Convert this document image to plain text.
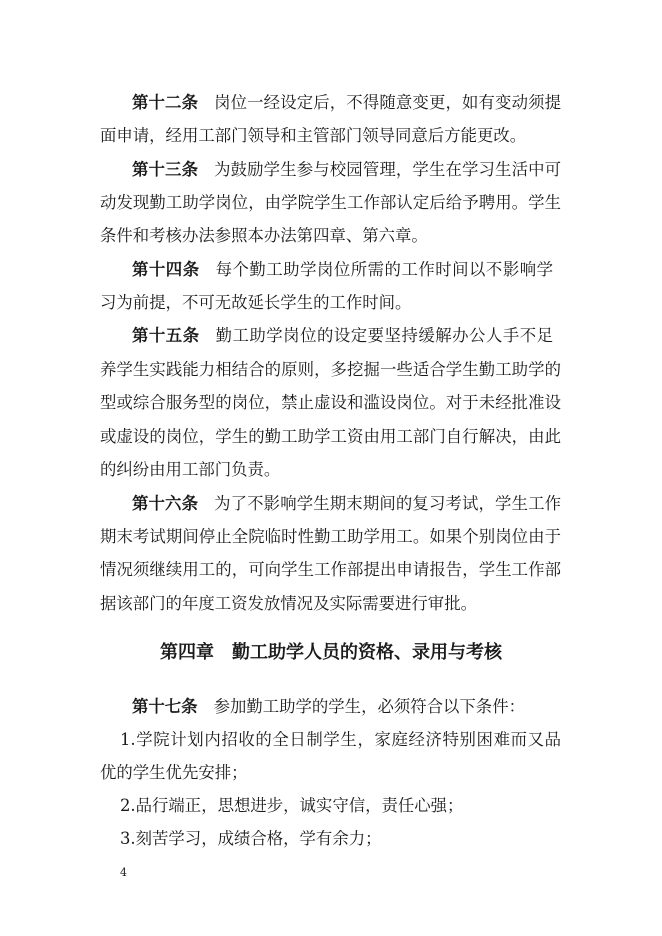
第十二条 岗位一经设定后，不得随意变更，如有变动须提
面申请，经用工部门领导和主管部门领导同意后方能更改。
第十三条 为鼓励学生参与校园管理，学生在学习生活中可
动发现勤工助学岗位，由学院学生工作部认定后给予聘用。学生
条件和考核办法参照本办法第四章、第六章。
第十四条 每个勤工助学岗位所需的工作时间以不影响学
习为前提，不可无故延长学生的工作时间。
第十五条 勤工助学岗位的设定要坚持缓解办公人手不足
养学生实践能力相结合的原则，多挖掘一些适合学生勤工助学的
型或综合服务型的岗位，禁止虚设和滥设岗位。对于未经批准设
或虚设的岗位，学生的勤工助学工资由用工部门自行解决，由此
的纠纷由用工部门负责。
第十六条 为了不影响学生期末期间的复习考试，学生工作
期末考试期间停止全院临时性勤工助学用工。如果个别岗位由于
情况须继续用工的，可向学生工作部提出申请报告，学生工作部
据该部门的年度工资发放情况及实际需要进行审批。
第四章 勤工助学人员的资格、录用与考核
第十七条 参加勤工助学的学生，必须符合以下条件：
1.学院计划内招收的全日制学生，家庭经济特别困难而又品
优的学生优先安排；
2.品行端正，思想进步，诚实守信，责任心强；
3.刻苦学习，成绩合格，学有余力；
4
